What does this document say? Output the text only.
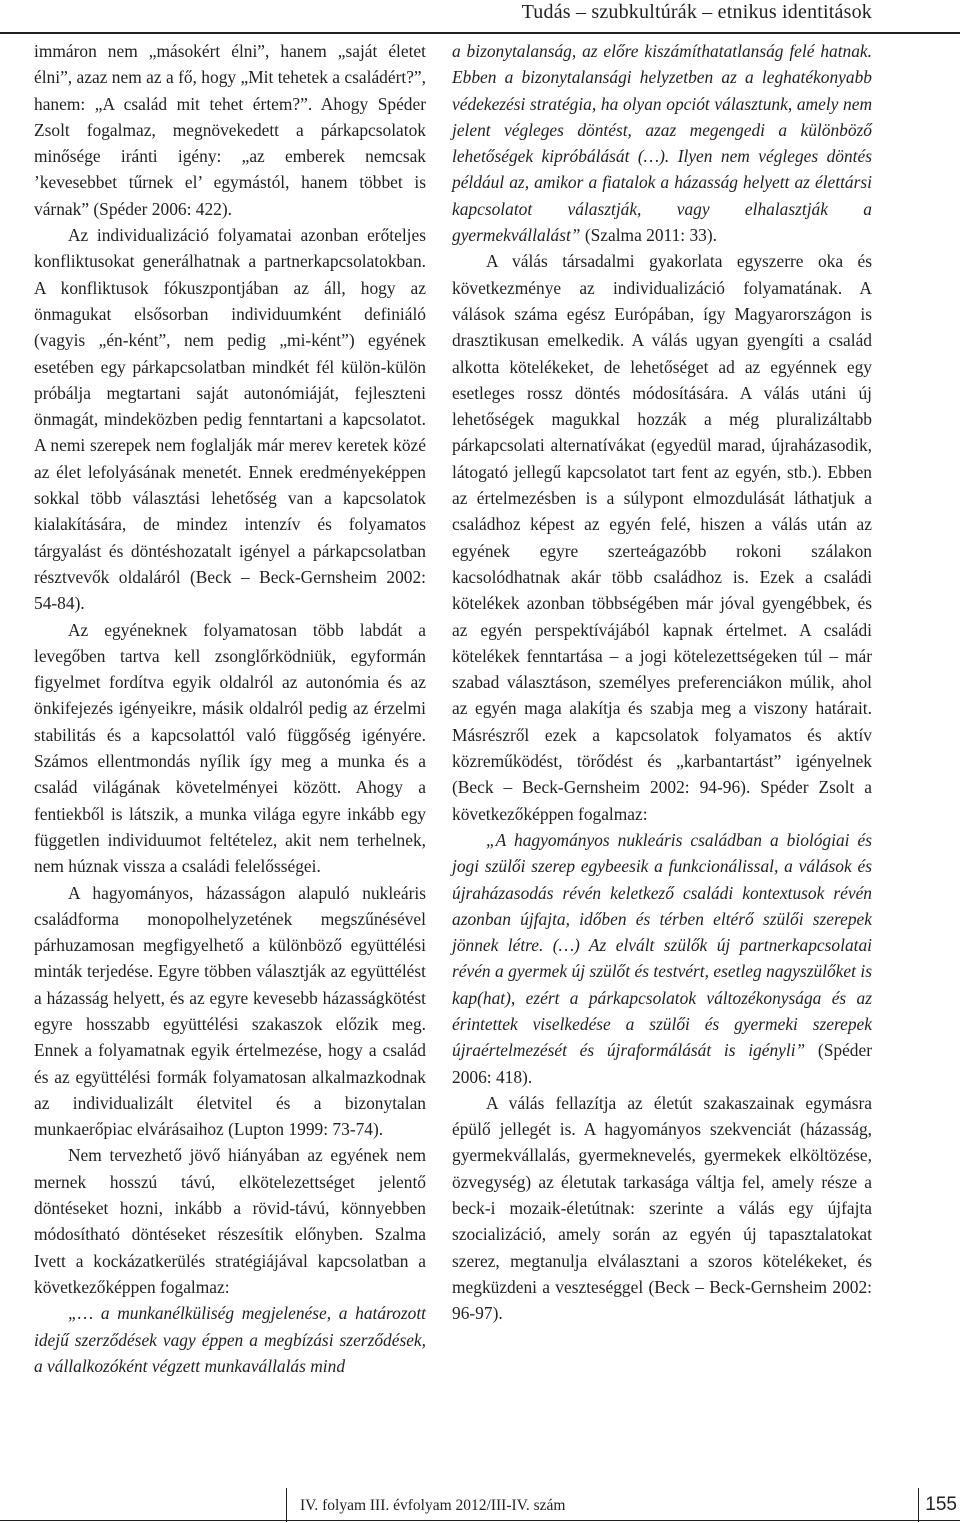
Tudás – szubkultúrák – etnikus identitások

immáron nem „másokért élni”, hanem „saját életet élni”, azaz nem az a fő, hogy „Mit tehetek a családért?”, hanem: „A család mit tehet értem?”. Ahogy Spéder Zsolt fogalmaz, megnövekedett a párkapcsolatok minősége iránti igény: „az emberek nemcsak ’kevesebbet tűrnek el’ egymástól, hanem többet is várnak” (Spéder 2006: 422).

Az individualizáció folyamatai azonban erőteljes konfliktusokat generálhatnak a partnerkapcsolatokban. A konfliktusok fókuszpontjában az áll, hogy az önmagukat elsősorban individuumként definiáló (vagyis „én-ként”, nem pedig „mi-ként”) egyének esetében egy párkapcsolatban mindkét fél külön-külön próbálja megtartani saját autonómiáját, fejleszteni önmagát, mindeközben pedig fenntartani a kapcsolatot. A nemi szerepek nem foglalják már merev keretek közé az élet lefolyásának menetét. Ennek eredményeképpen sokkal több választási lehetőség van a kapcsolatok kialakítására, de mindez intenzív és folyamatos tárgyalást és döntéshozatalt igényel a párkapcsolatban résztvevők oldaláról (Beck – Beck-Gernsheim 2002: 54-84).

Az egyéneknek folyamatosan több labdát a levegőben tartva kell zsonglőrködniük, egyformán figyelmet fordítva egyik oldalról az autonómia és az önkifejezés igényeikre, másik oldalról pedig az érzelmi stabilitás és a kapcsolattól való függőség igényére. Számos ellentmondás nyílik így meg a munka és a család világának követelményei között. Ahogy a fentiekből is látszik, a munka világa egyre inkább egy független individuumot feltételez, akit nem terhelnek, nem húznak vissza a családi felelősségei.

A hagyományos, házasságon alapuló nukleáris családforma monopolhelyzetének megszűnésével párhuzamosan megfigyelhető a különböző együttélési minták terjedése. Egyre többen választják az együttélést a házasság helyett, és az egyre kevesebb házasságkötést egyre hosszabb együttélési szakaszok előzik meg. Ennek a folyamatnak egyik értelmezése, hogy a család és az együttélési formák folyamatosan alkalmazkodnak az individualizált életvitel és a bizonytalan munkaerőpiac elvárásaihoz (Lupton 1999: 73-74).

Nem tervezhető jövő hiányában az egyének nem mernek hosszú távú, elkötelezettséget jelentő döntéseket hozni, inkább a rövid-távú, könnyebben módosítható döntéseket részesítik előnyben. Szalma Ivett a kockázatkerülés stratégiájával kapcsolatban a következőképpen fogalmaz:

„… a munkanélküliség megjelenése, a határozott idejű szerződések vagy éppen a megbízási szerződések, a vállalkozóként végzett munkavállalás mind

a bizonytalanság, az előre kiszámíthatatlanság felé hatnak. Ebben a bizonytalansági helyzetben az a leghatékonyabb védekezési stratégia, ha olyan opciót választunk, amely nem jelent végleges döntést, azaz megengedi a különböző lehetőségek kipróbálását (…). Ilyen nem végleges döntés például az, amikor a fiatalok a házasság helyett az élettársi kapcsolatot választják, vagy elhalasztják a gyermekvállalást” (Szalma 2011: 33).

A válás társadalmi gyakorlata egyszerre oka és következménye az individualizáció folyamatának. A válások száma egész Európában, így Magyarországon is drasztikusan emelkedik. A válás ugyan gyengíti a család alkotta kötelékeket, de lehetőséget ad az egyénnek egy esetleges rossz döntés módosítására. A válás utáni új lehetőségek magukkal hozzák a még pluralizáltabb párkapcsolati alternatívákat (egyedül marad, újraházasodik, látogató jellegű kapcsolatot tart fent az egyén, stb.). Ebben az értelmezésben is a súlypont elmozdulását láthatjuk a családhoz képest az egyén felé, hiszen a válás után az egyének egyre szerteágazóbb rokoni szálakon kacsolódhatnak akár több családhoz is. Ezek a családi kötelékek azonban többségében már jóval gyengébbek, és az egyén perspektívájából kapnak értelmet. A családi kötelékek fenntartása – a jogi kötelezettségeken túl – már szabad választáson, személyes preferenciákon múlik, ahol az egyén maga alakítja és szabja meg a viszony határait. Másrészről ezek a kapcsolatok folyamatos és aktív közreműködést, törődést és „karbantartást” igényelnek (Beck – Beck-Gernsheim 2002: 94-96). Spéder Zsolt a következőképpen fogalmaz:

„A hagyományos nukleáris családban a biológiai és jogi szülői szerep egybeesik a funkcionálissal, a válások és újraházasodás révén keletkező családi kontextusok révén azonban újfajta, időben és térben eltérő szülői szerepek jönnek létre. (…) Az elvált szülők új partnerkapcsolatai révén a gyermek új szülőt és testvért, esetleg nagyszülőket is kap(hat), ezért a párkapcsolatok változékonysága és az érintettek viselkedése a szülői és gyermeki szerepek újraértelmezését és újraformálását is igényli” (Spéder 2006: 418).

A válás fellazítja az életút szakaszainak egymásra épülő jellegét is. A hagyományos szekvenciát (házasság, gyermekvállalás, gyermeknevelés, gyermekek elköltözése, özvegység) az életutak tarkasága váltja fel, amely része a beck-i mozaik-életútnak: szerinte a válás egy újfajta szocializáció, amely során az egyén új tapasztalatokat szerez, megtanulja elválasztani a szoros kötelékeket, és megküzdeni a veszteséggel (Beck – Beck-Gernsheim 2002: 96-97).

IV. folyam III. évfolyam 2012/III-IV. szám	155
